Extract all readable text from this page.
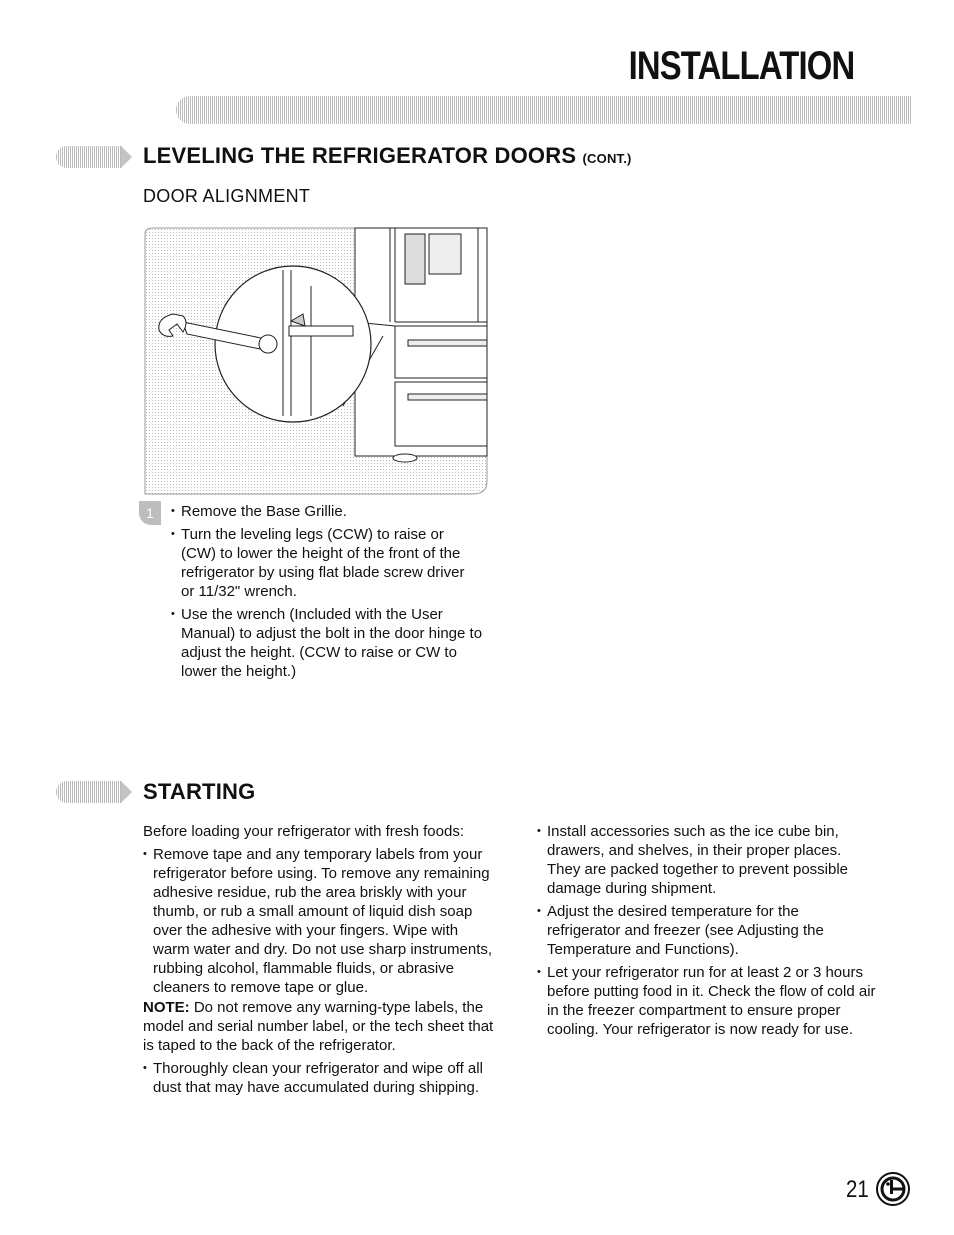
INSTALLATION
LEVELING THE REFRIGERATOR DOORS (CONT.)
DOOR ALIGNMENT
1
•	Remove the Base Grillie.
• Turn the leveling legs (CCW) to raise or (CW) to lower the height of the front of the refrigerator by using flat blade screw driver or 11/32" wrench.
• Use the wrench (Included with the User Manual) to adjust the bolt in the door hinge to adjust the height. (CCW to raise or CW to lower the height.)
STARTING
Before loading your refrigerator with fresh foods:
• Remove tape and any temporary labels from your refrigerator before using. To remove any remaining adhesive residue, rub the area briskly with your thumb, or rub a small amount of liquid dish soap over the adhesive with your fingers. Wipe with warm water and dry. Do not use sharp instruments, rubbing alcohol, flammable fluids, or abrasive cleaners to remove tape or glue.

NOTE: Do not remove any warning-type labels, the model and serial number label, or the tech sheet that is taped to the back of the refrigerator.

• Thoroughly clean your refrigerator and wipe off all dust that may have accumulated during shipping.
• Install accessories such as the ice cube bin, drawers, and shelves, in their proper places. They are packed together to prevent possible damage during shipment.
• Adjust the desired temperature for the refrigerator and freezer (see Adjusting the Temperature and Functions).
• Let your refrigerator run for at least 2 or 3 hours before putting food in it. Check the flow of cold air in the freezer compartment to ensure proper cooling. Your refrigerator is now ready for use.
21
